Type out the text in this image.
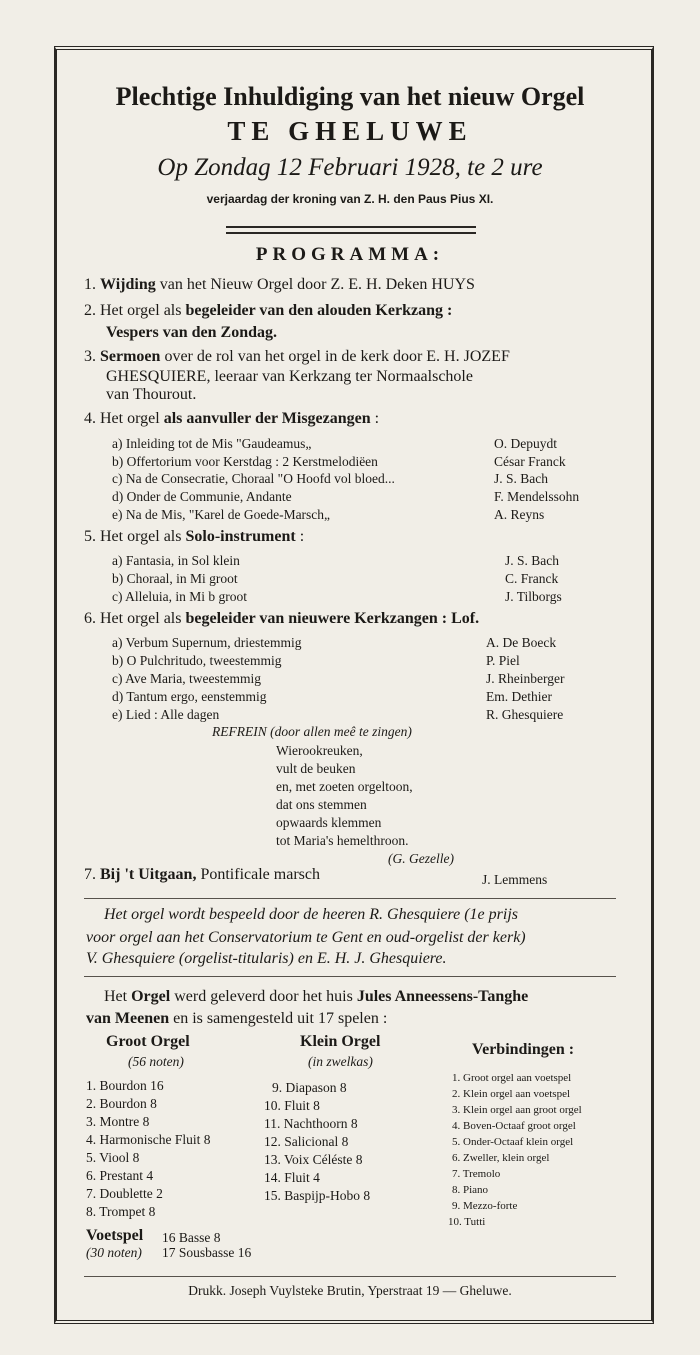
Plechtige Inhuldiging van het nieuw Orgel
TE GHELUWE
Op Zondag 12 Februari 1928, te 2 ure
verjaardag der kroning van Z. H. den Paus Pius XI.
PROGRAMMA:
1. Wijding van het Nieuw Orgel door Z. E. H. Deken HUYS
2. Het orgel als begeleider van den alouden Kerkzang :
Vespers van den Zondag.
3. Sermoen over de rol van het orgel in de kerk door E. H. JOZEF
GHESQUIERE, leeraar van Kerkzang ter Normaalschole
van Thourout.
4. Het orgel als aanvuller der Misgezangen :
a) Inleiding tot de Mis "Gaudeamus„	O. Depuydt
b) Offertorium voor Kerstdag : 2 Kerstmelodiëen	César Franck
c) Na de Consecratie, Choraal "O Hoofd vol bloed...	J. S. Bach
d) Onder de Communie, Andante	F. Mendelssohn
e) Na de Mis, "Karel de Goede-Marsch„	A. Reyns
5. Het orgel als Solo-instrument :
a) Fantasia, in Sol klein	J. S. Bach
b) Choraal, in Mi groot	C. Franck
c) Alleluia, in Mi b groot	J. Tilborgs
6. Het orgel als begeleider van nieuwere Kerkzangen : Lof.
a) Verbum Supernum, driestemmig	A. De Boeck
b) O Pulchritudo, tweestemmig	P. Piel
c) Ave Maria, tweestemmig	J. Rheinberger
d) Tantum ergo, eenstemmig	Em. Dethier
e) Lied : Alle dagen	R. Ghesquiere
REFREIN (door allen meê te zingen)
Wierookreuken,
vult de beuken
en, met zoeten orgeltoon,
dat ons stemmen
opwaards klemmen
tot Maria's hemelthroon.
(G. Gezelle)
7. Bij 't Uitgaan, Pontificale marsch	J. Lemmens
Het orgel wordt bespeeld door de heeren R. Ghesquiere (1e prijs
voor orgel aan het Conservatorium te Gent en oud-orgelist der kerk)
V. Ghesquiere (orgelist-titularis) en E. H. J. Ghesquiere.
Het Orgel werd geleverd door het huis Jules Anneessens-Tanghe
van Meenen en is samengesteld uit 17 spelen :
Groot Orgel
(56 noten)
1. Bourdon 16
2. Bourdon 8
3. Montre 8
4. Harmonische Fluit 8
5. Viool 8
6. Prestant 4
7. Doublette 2
8. Trompet 8
Klein Orgel
(in zwelkas)
9. Diapason 8
10. Fluit 8
11. Nachthoorn 8
12. Salicional 8
13. Voix Céléste 8
14. Fluit 4
15. Baspijp-Hobo 8
Verbindingen :
1. Groot orgel aan voetspel
2. Klein orgel aan voetspel
3. Klein orgel aan groot orgel
4. Boven-Octaaf groot orgel
5. Onder-Octaaf klein orgel
6. Zweller, klein orgel
7. Tremolo
8. Piano
9. Mezzo-forte
10. Tutti
Voetspel 16 Basse 8
(30 noten) 17 Sousbasse 16
Drukk. Joseph Vuylsteke Brutin, Yperstraat 19 — Gheluwe.
